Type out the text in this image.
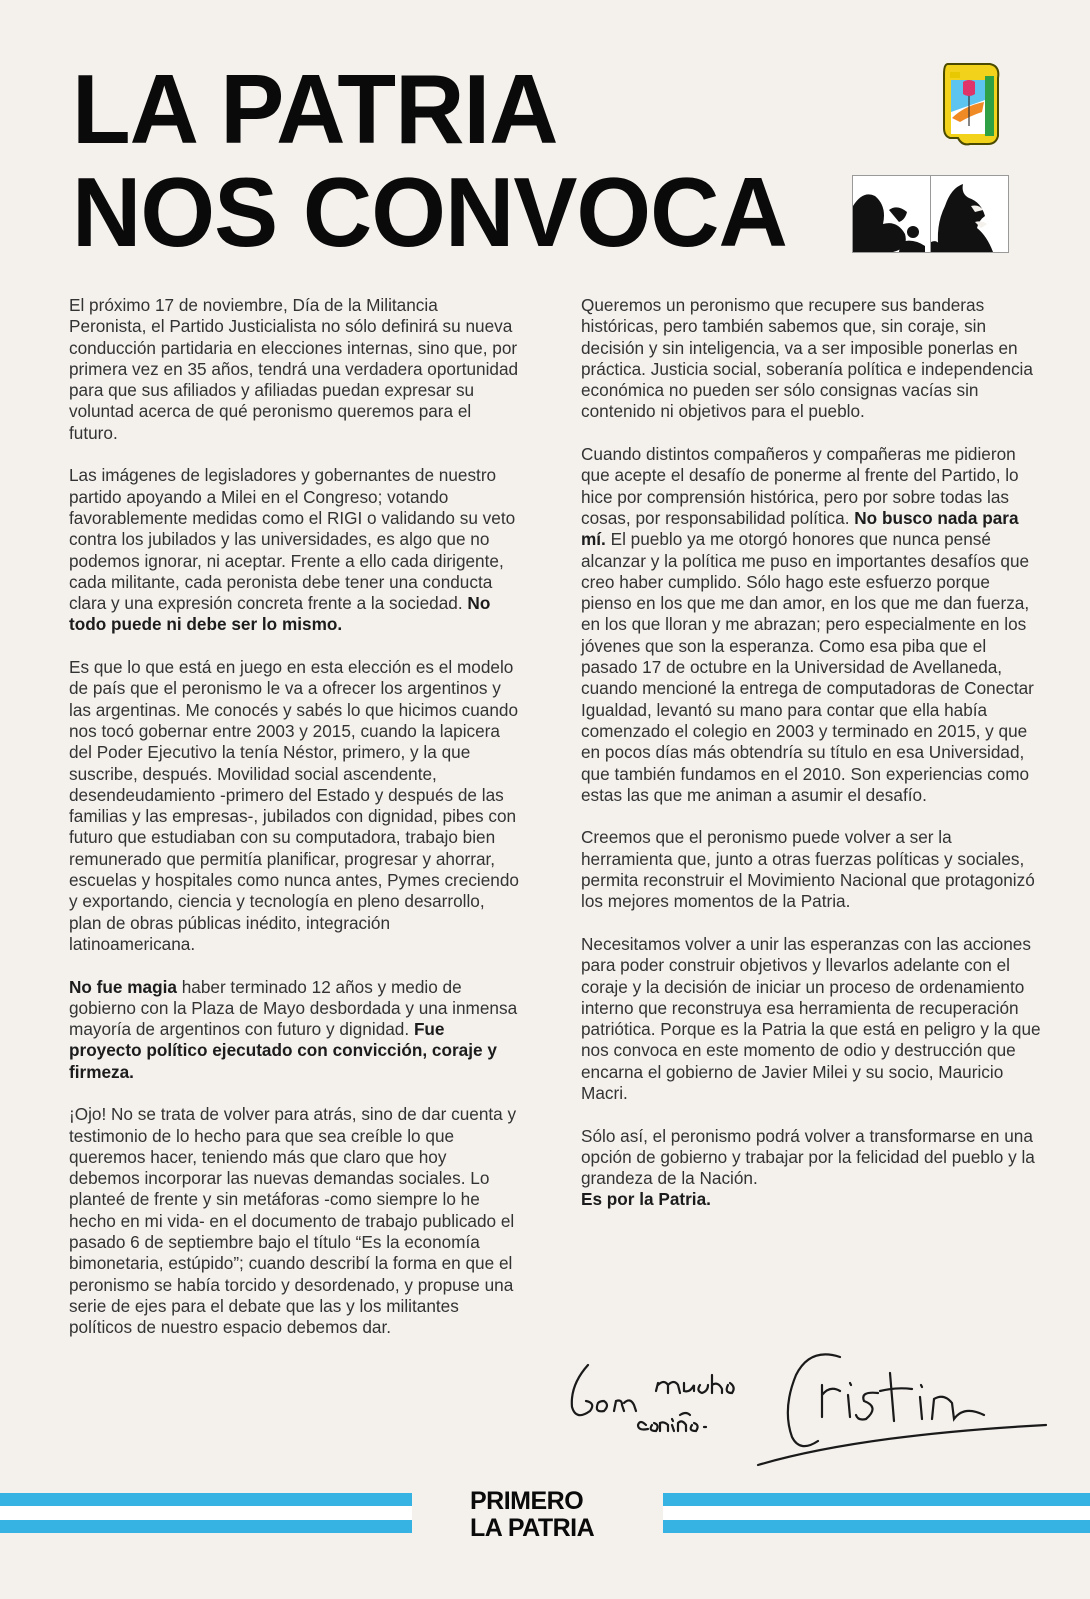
LA PATRIA
NOS CONVOCA

El próximo 17 de noviembre, Día de la Militancia Peronista, el Partido Justicialista no sólo definirá su nueva conducción partidaria en elecciones internas, sino que, por primera vez en 35 años, tendrá una verdadera oportunidad para que sus afiliados y afiliadas puedan expresar su voluntad acerca de qué peronismo queremos para el futuro.

Las imágenes de legisladores y gobernantes de nuestro partido apoyando a Milei en el Congreso; votando favorablemente medidas como el RIGI o validando su veto contra los jubilados y las universidades, es algo que no podemos ignorar, ni aceptar. Frente a ello cada dirigente, cada militante, cada peronista debe tener una conducta clara y una expresión concreta frente a la sociedad. No todo puede ni debe ser lo mismo.

Es que lo que está en juego en esta elección es el modelo de país que el peronismo le va a ofrecer los argentinos y las argentinas. Me conocés y sabés lo que hicimos cuando nos tocó gobernar entre 2003 y 2015, cuando la lapicera del Poder Ejecutivo la tenía Néstor, primero, y la que suscribe, después. Movilidad social ascendente, desendeudamiento -primero del Estado y después de las familias y las empresas-, jubilados con dignidad, pibes con futuro que estudiaban con su computadora, trabajo bien remunerado que permitía planificar, progresar y ahorrar, escuelas y hospitales como nunca antes, Pymes creciendo y exportando, ciencia y tecnología en pleno desarrollo, plan de obras públicas inédito, integración latinoamericana.

No fue magia haber terminado 12 años y medio de gobierno con la Plaza de Mayo desbordada y una inmensa mayoría de argentinos con futuro y dignidad. Fue proyecto político ejecutado con convicción, coraje y firmeza.

¡Ojo! No se trata de volver para atrás, sino de dar cuenta y testimonio de lo hecho para que sea creíble lo que queremos hacer, teniendo más que claro que hoy debemos incorporar las nuevas demandas sociales. Lo planteé de frente y sin metáforas -como siempre lo he hecho en mi vida- en el documento de trabajo publicado el pasado 6 de septiembre bajo el título “Es la economía bimonetaria, estúpido”; cuando describí la forma en que el peronismo se había torcido y desordenado, y propuse una serie de ejes para el debate que las y los militantes políticos de nuestro espacio debemos dar.

Queremos un peronismo que recupere sus banderas históricas, pero también sabemos que, sin coraje, sin decisión y sin inteligencia, va a ser imposible ponerlas en práctica. Justicia social, soberanía política e independencia económica no pueden ser sólo consignas vacías sin contenido ni objetivos para el pueblo.

Cuando distintos compañeros y compañeras me pidieron que acepte el desafío de ponerme al frente del Partido, lo hice por comprensión histórica, pero por sobre todas las cosas, por responsabilidad política. No busco nada para mí. El pueblo ya me otorgó honores que nunca pensé alcanzar y la política me puso en importantes desafíos que creo haber cumplido. Sólo hago este esfuerzo porque pienso en los que me dan amor, en los que me dan fuerza, en los que lloran y me abrazan; pero especialmente en los jóvenes que son la esperanza. Como esa piba que el pasado 17 de octubre en la Universidad de Avellaneda, cuando mencioné la entrega de computadoras de Conectar Igualdad, levantó su mano para contar que ella había comenzado el colegio en 2003 y terminado en 2015, y que en pocos días más obtendría su título en esa Universidad, que también fundamos en el 2010. Son experiencias como estas las que me animan a asumir el desafío.

Creemos que el peronismo puede volver a ser la herramienta que, junto a otras fuerzas políticas y sociales, permita reconstruir el Movimiento Nacional que protagonizó los mejores momentos de la Patria.

Necesitamos volver a unir las esperanzas con las acciones para poder construir objetivos y llevarlos adelante con el coraje y la decisión de iniciar un proceso de ordenamiento interno que reconstruya esa herramienta de recuperación patriótica. Porque es la Patria la que está en peligro y la que nos convoca en este momento de odio y destrucción que encarna el gobierno de Javier Milei y su socio, Mauricio Macri.

Sólo así, el peronismo podrá volver a transformarse en una opción de gobierno y trabajar por la felicidad del pueblo y la grandeza de la Nación.
Es por la Patria.

PRIMERO
LA PATRIA
